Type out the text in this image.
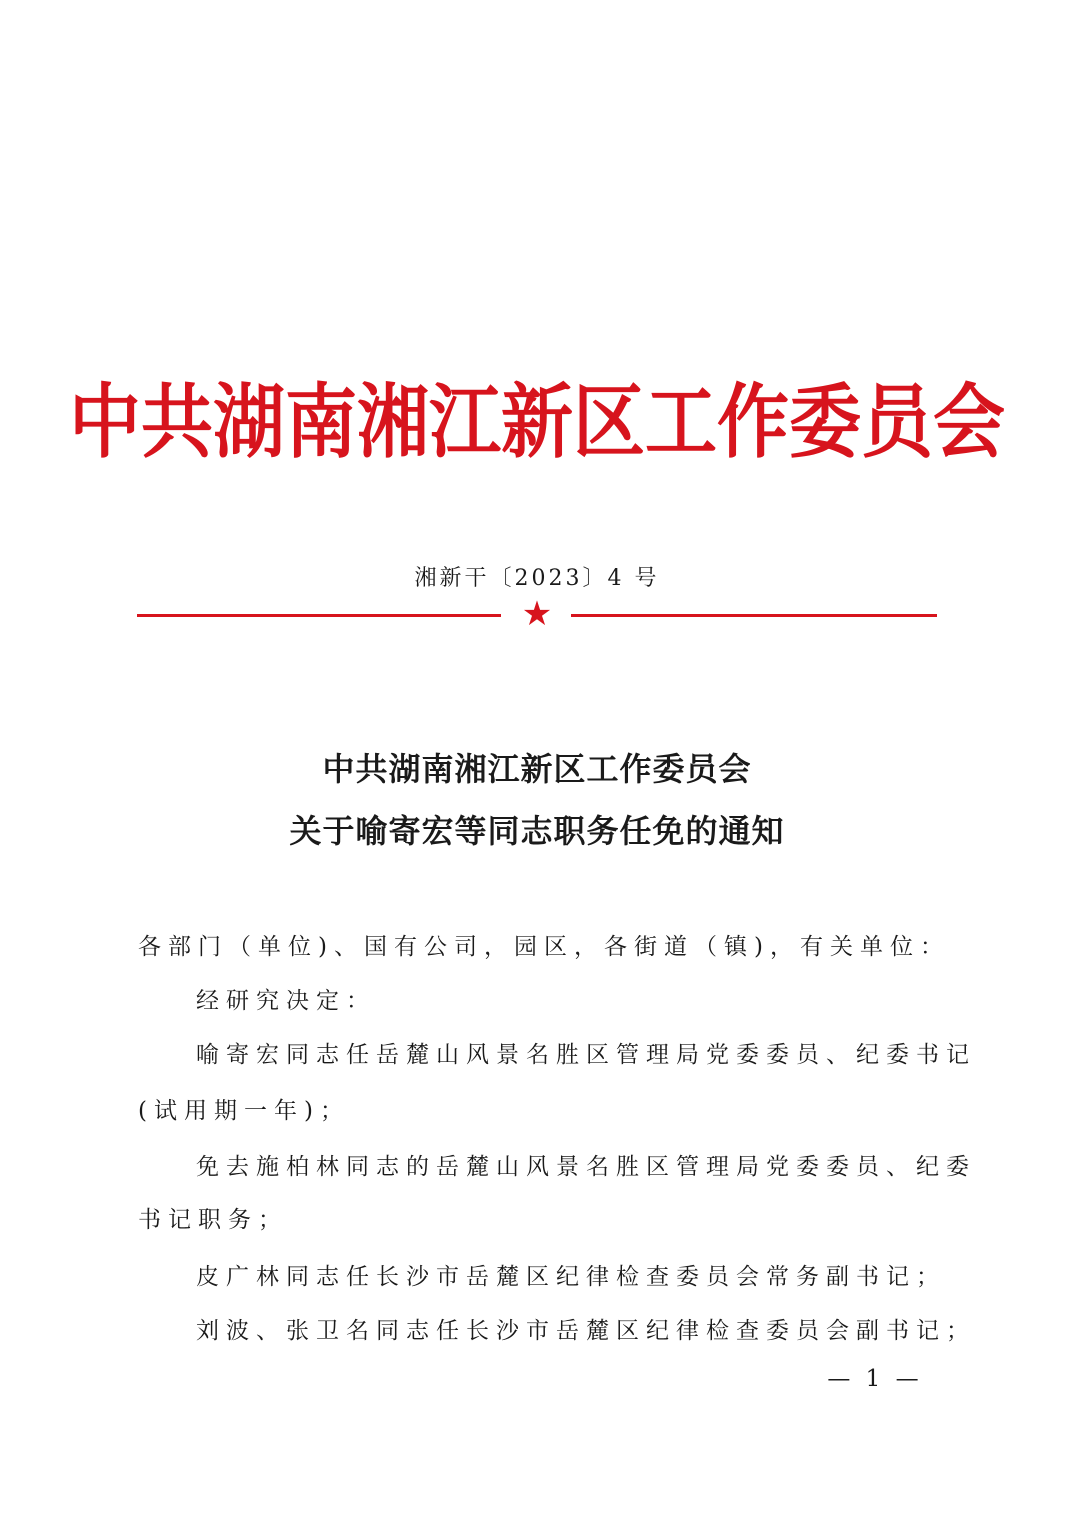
中共湖南湘江新区工作委员会
湘新干〔2023〕4 号
★
中共湖南湘江新区工作委员会
关于喻寄宏等同志职务任免的通知
各部门（单位)、国有公司，园区，各街道（镇)，有关单位：
经研究决定：
喻寄宏同志任岳麓山风景名胜区管理局党委委员、纪委书记
(试用期一年)；
免去施柏林同志的岳麓山风景名胜区管理局党委委员、纪委
书记职务；
皮广林同志任长沙市岳麓区纪律检查委员会常务副书记；
刘波、张卫名同志任长沙市岳麓区纪律检查委员会副书记；
— 1 —
